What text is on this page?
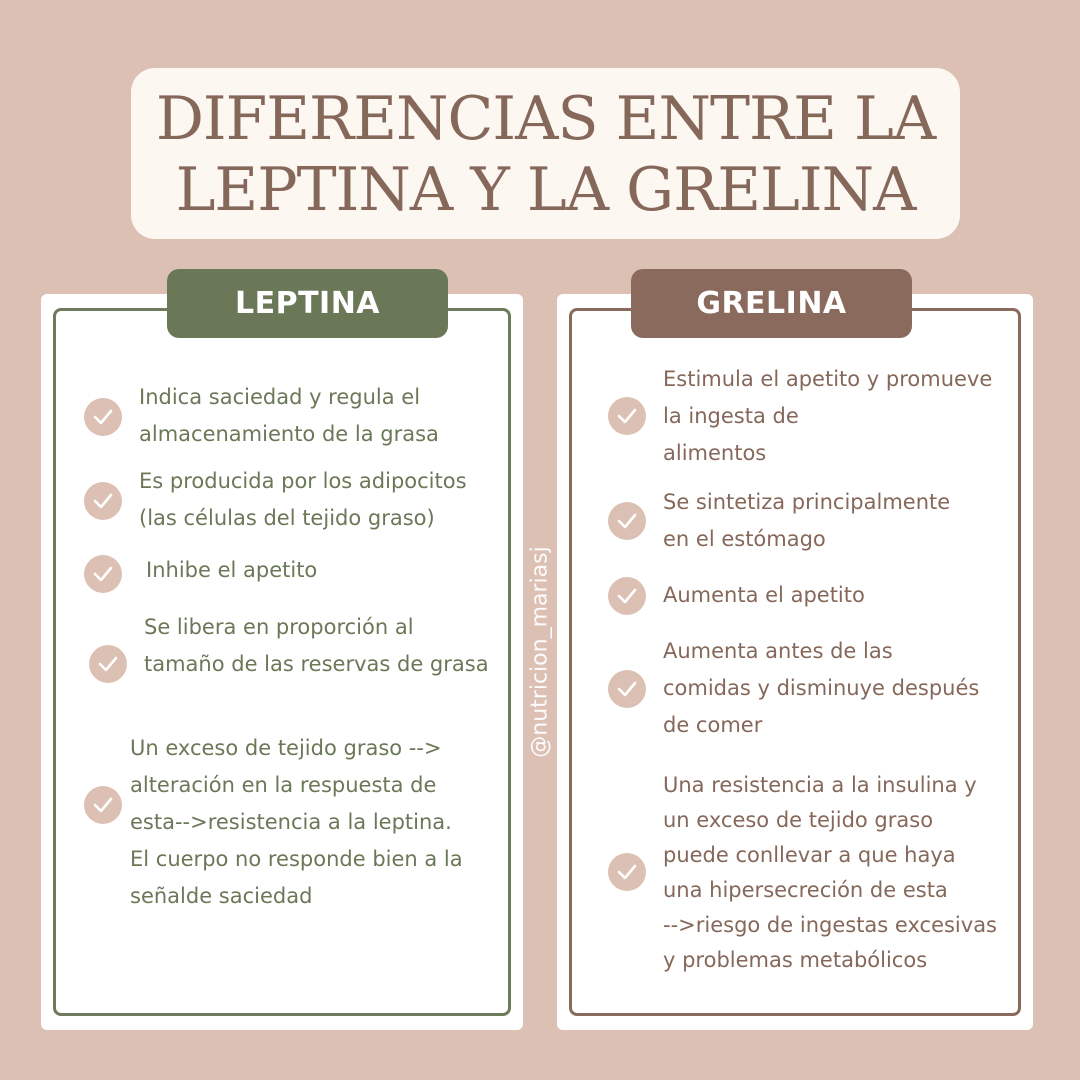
DIFERENCIAS ENTRE LA
LEPTINA Y LA GRELINA
LEPTINA	GRELINA
@nutricion_mariasj
Indica saciedad y regula el
almacenamiento de la grasa
Es producida por los adipocitos
(las células del tejido graso)
Inhibe el apetito
Se libera en proporción al
tamaño de las reservas de grasa
Un exceso de tejido graso -->
alteración en la respuesta de
esta-->resistencia a la leptina.
El cuerpo no responde bien a la
señalde saciedad
Estimula el apetito y promueve
la ingesta de
alimentos
Se sintetiza principalmente
en el estómago
Aumenta el apetito
Aumenta antes de las
comidas y disminuye después
de comer
Una resistencia a la insulina y
un exceso de tejido graso
puede conllevar a que haya
una hipersecreción de esta
-->riesgo de ingestas excesivas
y problemas metabólicos
